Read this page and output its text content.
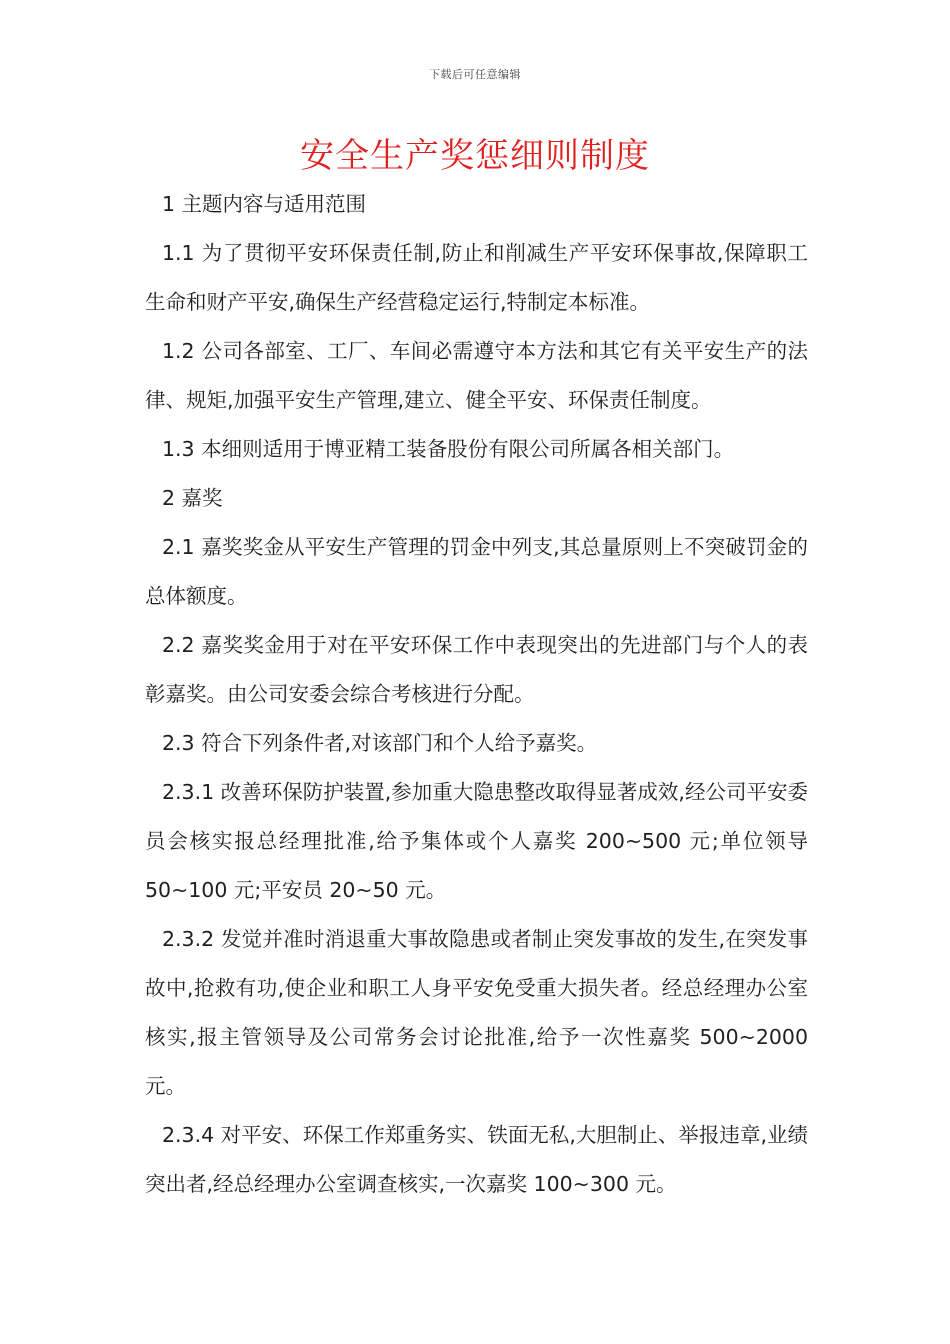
下载后可任意编辑
安全生产奖惩细则制度

1 主题内容与适用范围

1.1 为了贯彻平安环保责任制,防止和削减生产平安环保事故,保障职工生命和财产平安,确保生产经营稳定运行,特制定本标准。

1.2 公司各部室、工厂、车间必需遵守本方法和其它有关平安生产的法律、规矩,加强平安生产管理,建立、健全平安、环保责任制度。

1.3 本细则适用于博亚精工装备股份有限公司所属各相关部门。

2 嘉奖

2.1 嘉奖奖金从平安生产管理的罚金中列支,其总量原则上不突破罚金的总体额度。

2.2 嘉奖奖金用于对在平安环保工作中表现突出的先进部门与个人的表彰嘉奖。由公司安委会综合考核进行分配。

2.3 符合下列条件者,对该部门和个人给予嘉奖。

2.3.1 改善环保防护装置,参加重大隐患整改取得显著成效,经公司平安委员会核实报总经理批准,给予集体或个人嘉奖 200~500 元;单位领导 50~100 元;平安员 20~50 元。

2.3.2 发觉并准时消退重大事故隐患或者制止突发事故的发生,在突发事故中,抢救有功,使企业和职工人身平安免受重大损失者。经总经理办公室核实,报主管领导及公司常务会讨论批准,给予一次性嘉奖 500~2000 元。

2.3.4 对平安、环保工作郑重务实、铁面无私,大胆制止、举报违章,业绩突出者,经总经理办公室调查核实,一次嘉奖 100~300 元。
